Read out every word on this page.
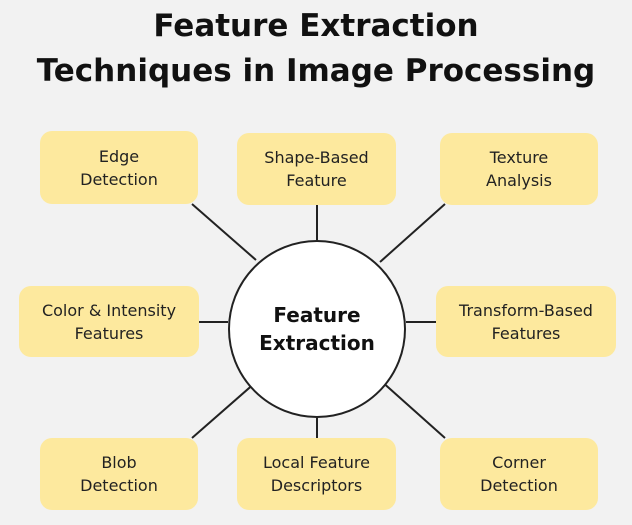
Feature Extraction
Techniques in Image Processing
Edge
Detection
Shape-Based
Feature
Texture
Analysis
Color & Intensity
Features
Transform-Based
Features
Blob
Detection
Local Feature
Descriptors
Corner
Detection
Feature
Extraction
